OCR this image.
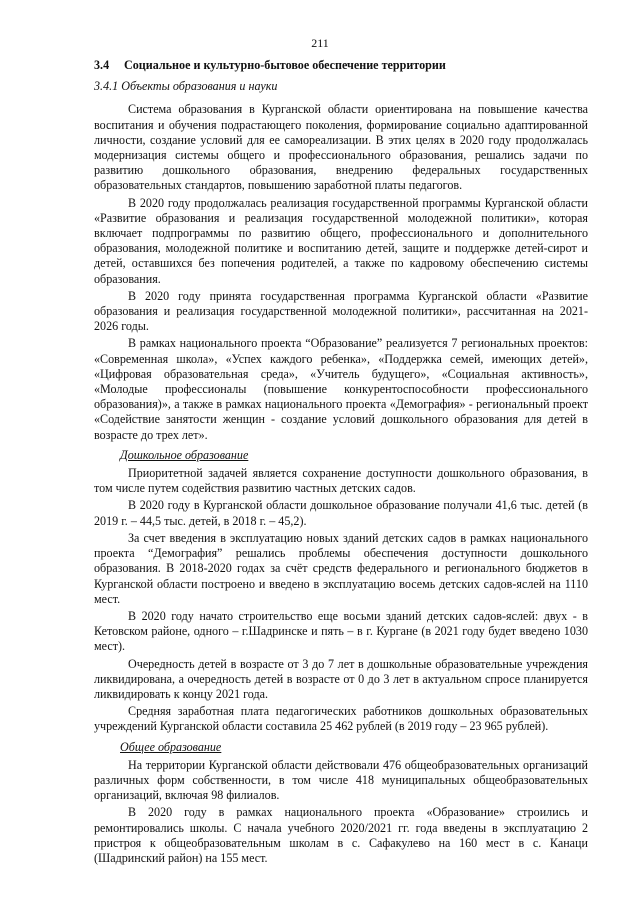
211
3.4 Социальное и культурно-бытовое обеспечение территории
3.4.1 Объекты образования и науки

Система образования в Курганской области ориентирована на повышение качества воспитания и обучения подрастающего поколения, формирование социально адаптированной личности, создание условий для ее самореализации. В этих целях в 2020 году продолжалась модернизация системы общего и профессионального образования, решались задачи по развитию дошкольного образования, внедрению федеральных государственных образовательных стандартов, повышению заработной платы педагогов.

В 2020 году продолжалась реализация государственной программы Курганской области «Развитие образования и реализация государственной молодежной политики», которая включает подпрограммы по развитию общего, профессионального и дополнительного образования, молодежной политике и воспитанию детей, защите и поддержке детей-сирот и детей, оставшихся без попечения родителей, а также по кадровому обеспечению системы образования.

В 2020 году принята государственная программа Курганской области «Развитие образования и реализация государственной молодежной политики», рассчитанная на 2021-2026 годы.

В рамках национального проекта “Образование” реализуется 7 региональных проектов: «Современная школа», «Успех каждого ребенка», «Поддержка семей, имеющих детей», «Цифровая образовательная среда», «Учитель будущего», «Социальная активность», «Молодые профессионалы (повышение конкурентоспособности профессионального образования)», а также в рамках национального проекта «Демография» - региональный проект «Содействие занятости женщин - создание условий дошкольного образования для детей в возрасте до трех лет».

Дошкольное образование

Приоритетной задачей является сохранение доступности дошкольного образования, в том числе путем содействия развитию частных детских садов.

В 2020 году в Курганской области дошкольное образование получали 41,6 тыс. детей (в 2019 г. – 44,5 тыс. детей, в 2018 г. – 45,2).

За счет введения в эксплуатацию новых зданий детских садов в рамках национального проекта “Демография” решались проблемы обеспечения доступности дошкольного образования. В 2018-2020 годах за счёт средств федерального и регионального бюджетов в Курганской области построено и введено в эксплуатацию восемь детских садов-яслей на 1110 мест.

В 2020 году начато строительство еще восьми зданий детских садов-яслей: двух - в Кетовском районе, одного – г.Шадринске и пять – в г. Кургане (в 2021 году будет введено 1030 мест).

Очередность детей в возрасте от 3 до 7 лет в дошкольные образовательные учреждения ликвидирована, а очередность детей в возрасте от 0 до 3 лет в актуальном спросе планируется ликвидировать к концу 2021 года.

Средняя заработная плата педагогических работников дошкольных образовательных учреждений Курганской области составила 25 462 рублей (в 2019 году – 23 965 рублей).

Общее образование

На территории Курганской области действовали 476 общеобразовательных организаций различных форм собственности, в том числе 418 муниципальных общеобразовательных организаций, включая 98 филиалов.

В 2020 году в рамках национального проекта «Образование» строились и ремонтировались школы. С начала учебного 2020/2021 гг. года введены в эксплуатацию 2 пристроя к общеобразовательным школам в с. Сафакулево на 160 мест в с. Канаци (Шадринский район) на 155 мест.
